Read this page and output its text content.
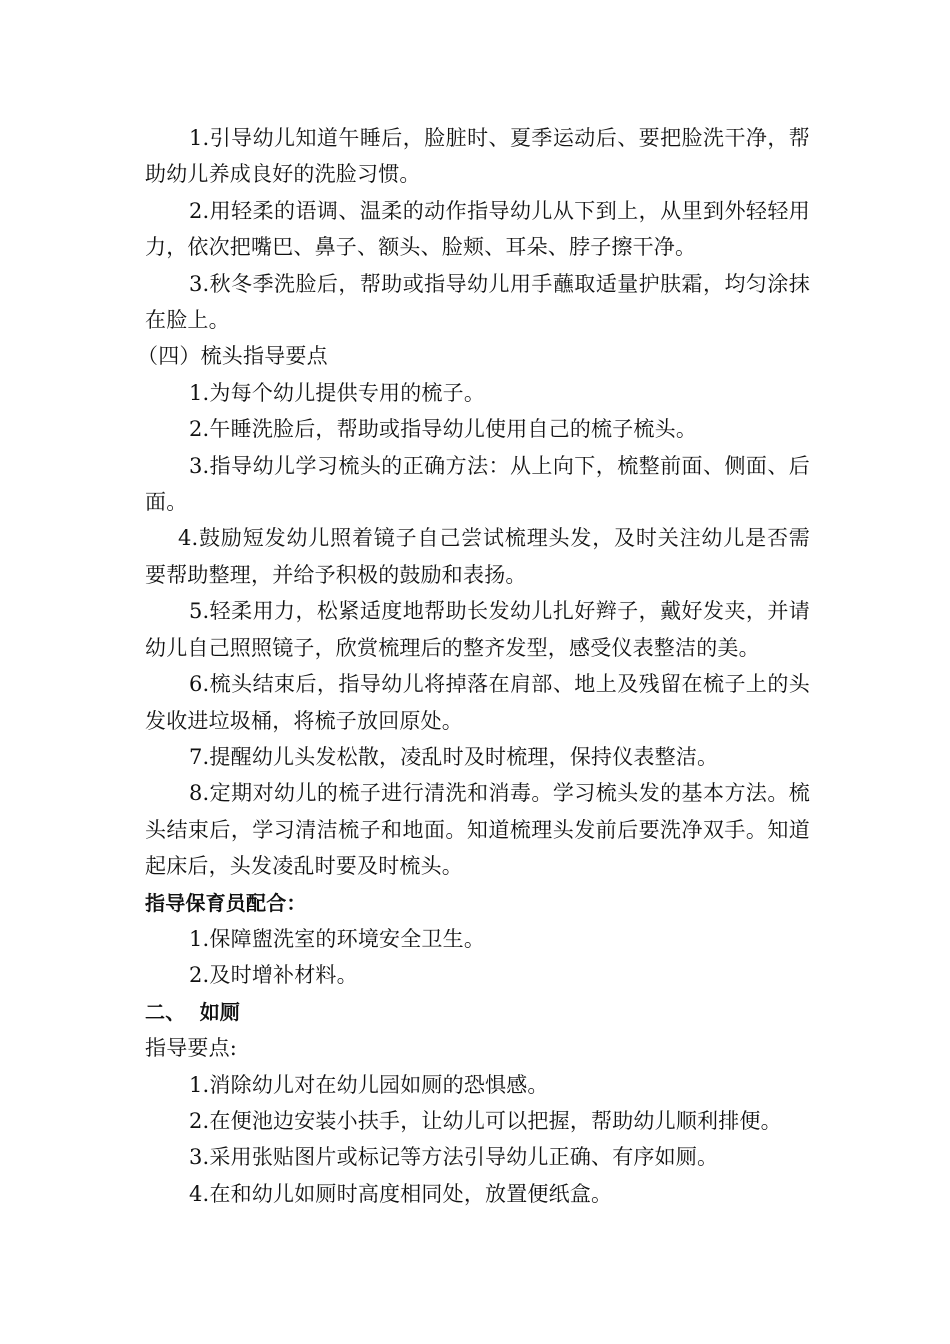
1.引导幼儿知道午睡后，脸脏时、夏季运动后、要把脸洗干净，帮助幼儿养成良好的洗脸习惯。

2.用轻柔的语调、温柔的动作指导幼儿从下到上，从里到外轻轻用力，依次把嘴巴、鼻子、额头、脸颊、耳朵、脖子擦干净。

3.秋冬季洗脸后，帮助或指导幼儿用手蘸取适量护肤霜，均匀涂抹在脸上。

（四）梳头指导要点

1.为每个幼儿提供专用的梳子。

2.午睡洗脸后，帮助或指导幼儿使用自己的梳子梳头。

3.指导幼儿学习梳头的正确方法：从上向下，梳整前面、侧面、后面。

4.鼓励短发幼儿照着镜子自己尝试梳理头发，及时关注幼儿是否需要帮助整理，并给予积极的鼓励和表扬。

5.轻柔用力，松紧适度地帮助长发幼儿扎好辫子，戴好发夹，并请幼儿自己照照镜子，欣赏梳理后的整齐发型，感受仪表整洁的美。

6.梳头结束后，指导幼儿将掉落在肩部、地上及残留在梳子上的头发收进垃圾桶，将梳子放回原处。

7.提醒幼儿头发松散，凌乱时及时梳理，保持仪表整洁。

8.定期对幼儿的梳子进行清洗和消毒。学习梳头发的基本方法。梳头结束后，学习清洁梳子和地面。知道梳理头发前后要洗净双手。知道起床后，头发凌乱时要及时梳头。

指导保育员配合：

1.保障盥洗室的环境安全卫生。

2.及时增补材料。

二、  如厕

指导要点:

1.消除幼儿对在幼儿园如厕的恐惧感。

2.在便池边安装小扶手，让幼儿可以把握，帮助幼儿顺利排便。

3.采用张贴图片或标记等方法引导幼儿正确、有序如厕。

4.在和幼儿如厕时高度相同处，放置便纸盒。
